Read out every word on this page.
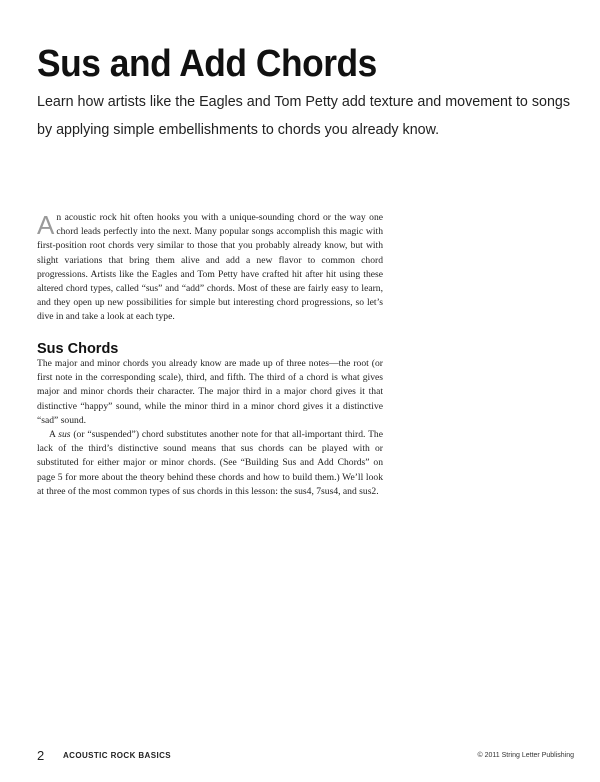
Sus and Add Chords

Learn how artists like the Eagles and Tom Petty add texture and movement to songs by applying simple embellishments to chords you already know.

An acoustic rock hit often hooks you with a unique-sounding chord or the way one chord leads perfectly into the next. Many popular songs accomplish this magic with first-position root chords very similar to those that you probably already know, but with slight variations that bring them alive and add a new flavor to common chord progressions. Artists like the Eagles and Tom Petty have crafted hit after hit using these altered chord types, called “sus” and “add” chords. Most of these are fairly easy to learn, and they open up new possibilities for simple but interesting chord progressions, so let’s dive in and take a look at each type.

Sus Chords

The major and minor chords you already know are made up of three notes—the root (or first note in the corresponding scale), third, and fifth. The third of a chord is what gives major and minor chords their character. The major third in a major chord gives it that distinctive “happy” sound, while the minor third in a minor chord gives it a distinctive “sad” sound.

A sus (or “suspended”) chord substitutes another note for that all-important third. The lack of the third’s distinctive sound means that sus chords can be played with or substituted for either major or minor chords. (See “Building Sus and Add Chords” on page 5 for more about the theory behind these chords and how to build them.) We’ll look at three of the most common types of sus chords in this lesson: the sus4, 7sus4, and sus2.

2 ACOUSTIC ROCK BASICS	© 2011 String Letter Publishing
